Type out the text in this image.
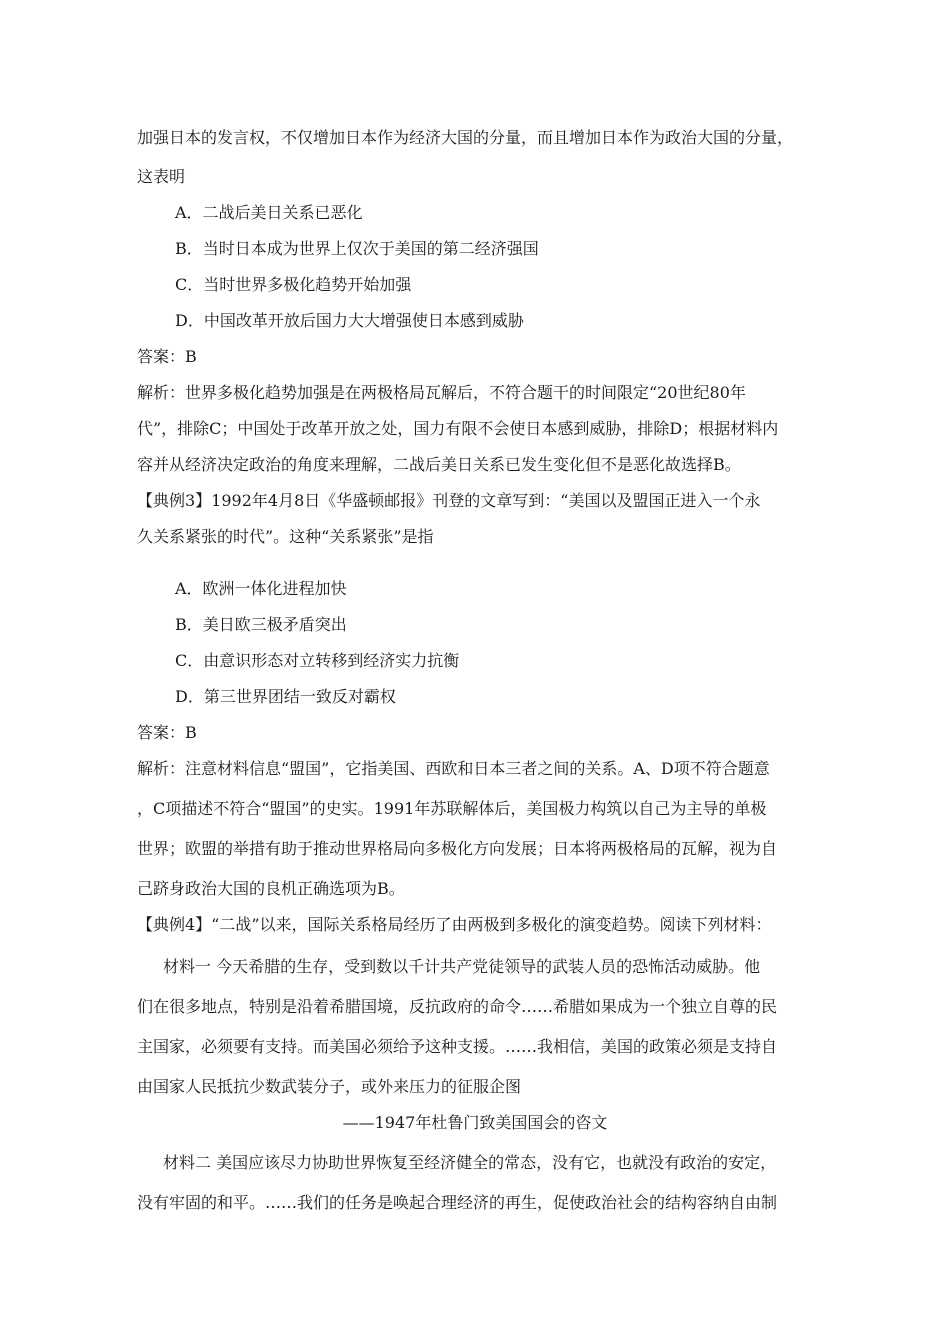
加强日本的发言权，不仅增加日本作为经济大国的分量，而且增加日本作为政治大国的分量，
这表明
A．二战后美日关系已恶化
B．当时日本成为世界上仅次于美国的第二经济强国
C．当时世界多极化趋势开始加强
D．中国改革开放后国力大大增强使日本感到威胁
答案：B
解析：世界多极化趋势加强是在两极格局瓦解后，不符合题干的时间限定“20世纪80年
代”，排除C；中国处于改革开放之处，国力有限不会使日本感到威胁，排除D；根据材料内
容并从经济决定政治的角度来理解，二战后美日关系已发生变化但不是恶化故选择B。
【典例3】1992年4月8日《华盛顿邮报》刊登的文章写到：“美国以及盟国正进入一个永
久关系紧张的时代”。这种“关系紧张”是指
A．欧洲一体化进程加快
B．美日欧三极矛盾突出
C．由意识形态对立转移到经济实力抗衡
D．第三世界团结一致反对霸权
答案：B
解析：注意材料信息“盟国”，它指美国、西欧和日本三者之间的关系。A、D项不符合题意
，C项描述不符合“盟国”的史实。1991年苏联解体后，美国极力构筑以自己为主导的单极
世界；欧盟的举措有助于推动世界格局向多极化方向发展；日本将两极格局的瓦解，视为自
己跻身政治大国的良机正确选项为B。
【典例4】“二战”以来，国际关系格局经历了由两极到多极化的演变趋势。阅读下列材料：
材料一 今天希腊的生存，受到数以千计共产党徒领导的武装人员的恐怖活动威胁。他
们在很多地点，特别是沿着希腊国境，反抗政府的命令……希腊如果成为一个独立自尊的民
主国家，必须要有支持。而美国必须给予这种支援。……我相信，美国的政策必须是支持自
由国家人民抵抗少数武装分子，或外来压力的征服企图
——1947年杜鲁门致美国国会的咨文
材料二 美国应该尽力协助世界恢复至经济健全的常态，没有它，也就没有政治的安定，
没有牢固的和平。……我们的任务是唤起合理经济的再生，促使政治社会的结构容纳自由制
